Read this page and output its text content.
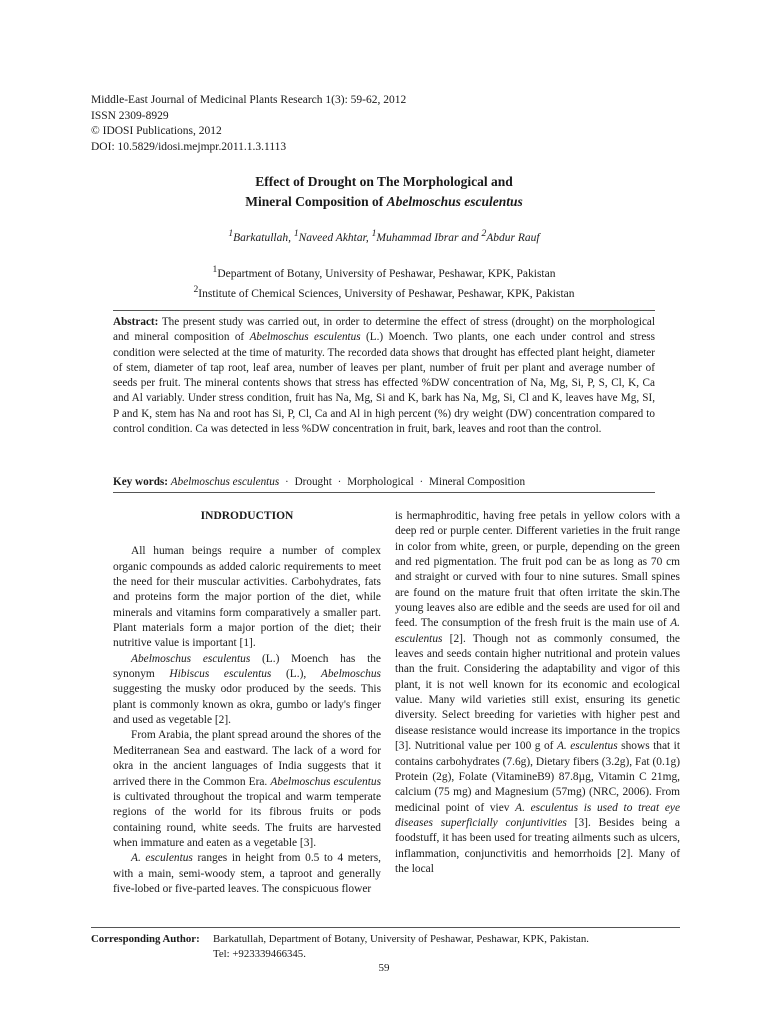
Middle-East Journal of Medicinal Plants Research 1(3): 59-62, 2012
ISSN 2309-8929
© IDOSI Publications, 2012
DOI: 10.5829/idosi.mejmpr.2011.1.3.1113
Effect of Drought on The Morphological and
Mineral Composition of Abelmoschus esculentus
$^1$Barkatullah, $^1$Naveed Akhtar, $^1$Muhammad Ibrar and $^2$Abdur Rauf
$^1$Department of Botany, University of Peshawar, Peshawar, KPK, Pakistan
$^2$Institute of Chemical Sciences, University of Peshawar, Peshawar, KPK, Pakistan
Abstract: The present study was carried out, in order to determine the effect of stress (drought) on the morphological and mineral composition of Abelmoschus esculentus (L.) Moench. Two plants, one each under control and stress condition were selected at the time of maturity. The recorded data shows that drought has effected plant height, diameter of stem, diameter of tap root, leaf area, number of leaves per plant, number of fruit per plant and average number of seeds per fruit. The mineral contents shows that stress has effected %DW concentration of Na, Mg, Si, P, S, Cl, K, Ca and Al variably. Under stress condition, fruit has Na, Mg, Si and K, bark has Na, Mg, Si, Cl and K, leaves have Mg, SI, P and K, stem has Na and root has Si, P, Cl, Ca and Al in high percent (%) dry weight (DW) concentration compared to control condition. Ca was detected in less %DW concentration in fruit, bark, leaves and root than the control.
Key words: Abelmoschus esculentus · Drought · Morphological · Mineral Composition
INDRODUCTION

All human beings require a number of complex organic compounds as added caloric requirements to meet the need for their muscular activities. Carbohydrates, fats and proteins form the major portion of the diet, while minerals and vitamins form comparatively a smaller part. Plant materials form a major portion of the diet; their nutritive value is important [1].

Abelmoschus esculentus (L.) Moench has the synonym Hibiscus esculentus (L.), Abelmoschus suggesting the musky odor produced by the seeds. This plant is commonly known as okra, gumbo or lady's finger and used as vegetable [2].

From Arabia, the plant spread around the shores of the Mediterranean Sea and eastward. The lack of a word for okra in the ancient languages of India suggests that it arrived there in the Common Era. Abelmoschus esculentus is cultivated throughout the tropical and warm temperate regions of the world for its fibrous fruits or pods containing round, white seeds. The fruits are harvested when immature and eaten as a vegetable [3].

A. esculentus ranges in height from 0.5 to 4 meters, with a main, semi-woody stem, a taproot and generally five-lobed or five-parted leaves. The conspicuous flower

is hermaphroditic, having free petals in yellow colors with a deep red or purple center. Different varieties in the fruit range in color from white, green, or purple, depending on the green and red pigmentation. The fruit pod can be as long as 70 cm and straight or curved with four to nine sutures. Small spines are found on the mature fruit that often irritate the skin.The young leaves also are edible and the seeds are used for oil and feed. The consumption of the fresh fruit is the main use of A. esculentus [2]. Though not as commonly consumed, the leaves and seeds contain higher nutritional and protein values than the fruit. Considering the adaptability and vigor of this plant, it is not well known for its economic and ecological value. Many wild varieties still exist, ensuring its genetic diversity. Select breeding for varieties with higher pest and disease resistance would increase its importance in the tropics [3]. Nutritional value per 100 g of A. esculentus shows that it contains carbohydrates (7.6g), Dietary fibers (3.2g), Fat (0.1g) Protein (2g), Folate (VitamineB9) 87.8µg, Vitamin C 21mg, calcium (75 mg) and Magnesium (57mg) (NRC, 2006). From medicinal point of viev A. esculentus is used to treat eye diseases superficially conjuntivities [3]. Besides being a foodstuff, it has been used for treating ailments such as ulcers, inflammation, conjunctivitis and hemorrhoids [2]. Many of the local

Corresponding Author:	Barkatullah, Department of Botany, University of Peshawar, Peshawar, KPK, Pakistan.
Tel: +923339466345.
59
